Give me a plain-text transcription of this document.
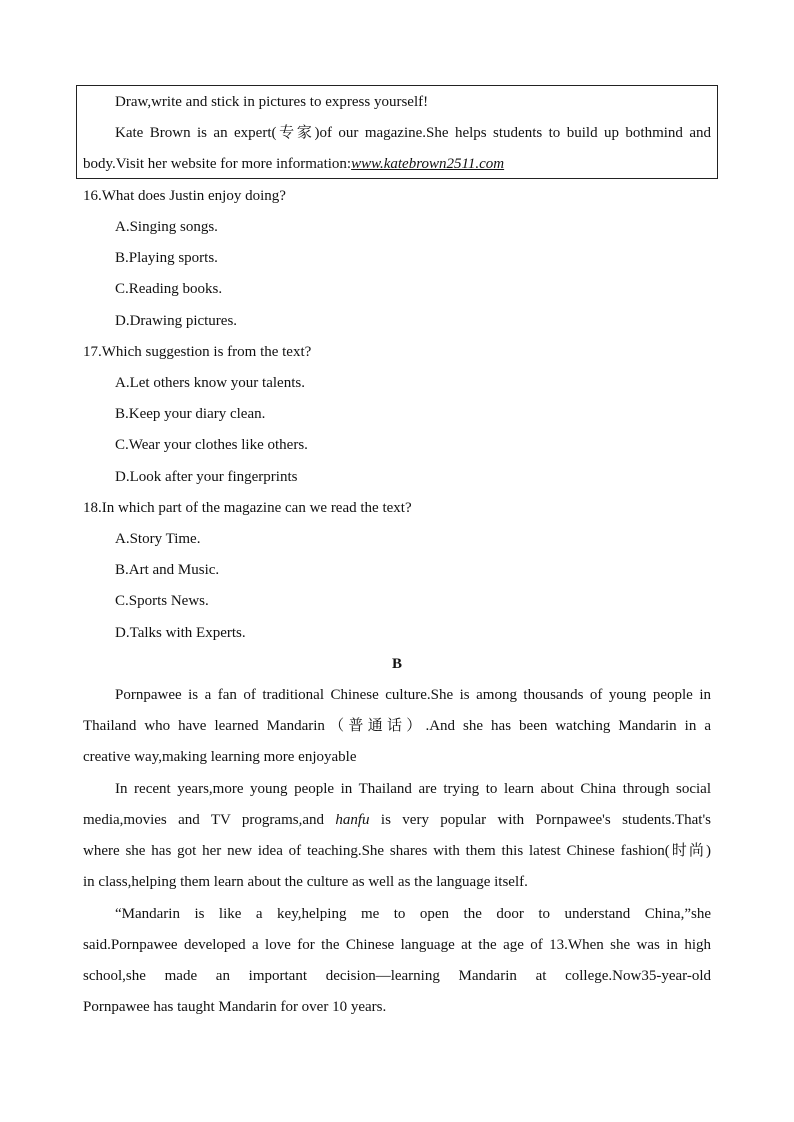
Draw,write and stick in pictures to express yourself!
Kate Brown is an expert(专家)of our magazine.She helps students to build up bothmind and
body.Visit her website for more information:www.katebrown2511.com
16.What does Justin enjoy doing?
A.Singing songs.
B.Playing sports.
C.Reading books.
D.Drawing pictures.
17.Which suggestion is from the text?
A.Let others know your talents.
B.Keep your diary clean.
C.Wear your clothes like others.
D.Look after your fingerprints
18.In which part of the magazine can we read the text?
A.Story Time.
B.Art and Music.
C.Sports News.
D.Talks with Experts.
B
Pornpawee is a fan of traditional Chinese culture.She is among thousands of young people in
Thailand who have learned Mandarin（普通话）.And she has been watching Mandarin in a
creative way,making learning more enjoyable
In recent years,more young people in Thailand are trying to learn about China through social
media,movies and TV programs,and hanfu is very popular with Pornpawee's students.That's
where she has got her new idea of teaching.She shares with them this latest Chinese fashion(时尚)
in class,helping them learn about the culture as well as the language itself.
“Mandarin is like a key,helping me to open the door to understand China,”she
said.Pornpawee developed a love for the Chinese language at the age of 13.When she was in high
school,she made an important decision—learning Mandarin at college.Now35-year-old
Pornpawee has taught Mandarin for over 10 years.
